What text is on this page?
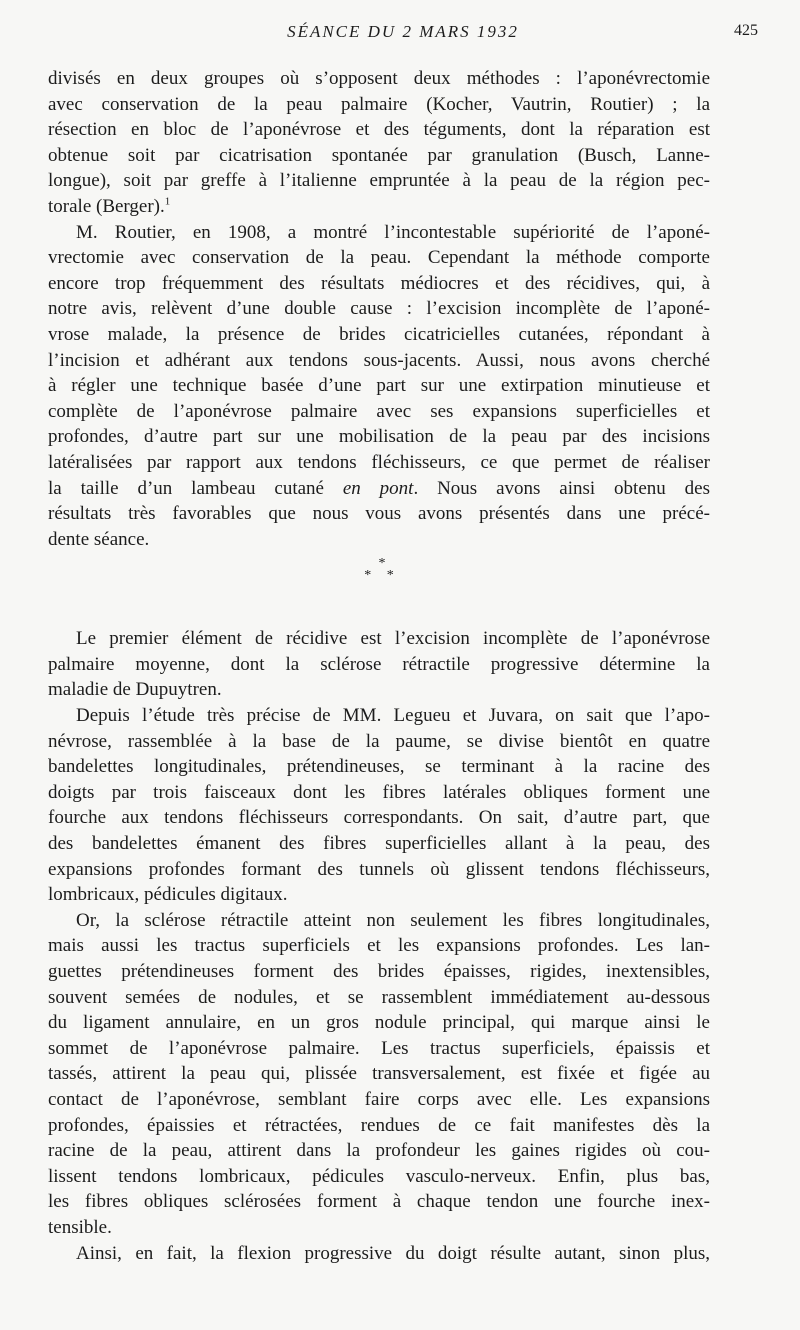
SÉANCE DU 2 MARS 1932	425
divisés en deux groupes où s’opposent deux méthodes : l’aponévrectomie
avec conservation de la peau palmaire (Kocher, Vautrin, Routier) ; la
résection en bloc de l’aponévrose et des téguments, dont la réparation est
obtenue soit par cicatrisation spontanée par granulation (Busch, Lanne-
longue), soit par greffe à l’italienne empruntée à la peau de la région pec-
torale (Berger).$^1$
M. Routier, en 1908, a montré l’incontestable supériorité de l’aponé-
vrectomie avec conservation de la peau. Cependant la méthode comporte
encore trop fréquemment des résultats médiocres et des récidives, qui, à
notre avis, relèvent d’une double cause : l’excision incomplète de l’aponé-
vrose malade, la présence de brides cicatricielles cutanées, répondant à
l’incision et adhérant aux tendons sous-jacents. Aussi, nous avons cherché
à régler une technique basée d’une part sur une extirpation minutieuse et
complète de l’aponévrose palmaire avec ses expansions superficielles et
profondes, d’autre part sur une mobilisation de la peau par des incisions
latéralisées par rapport aux tendons fléchisseurs, ce que permet de réaliser
la taille d’un lambeau cutané en pont. Nous avons ainsi obtenu des
résultats très favorables que nous vous avons présentés dans une précé-
dente séance.
*
* *
Le premier élément de récidive est l’excision incomplète de l’aponévrose
palmaire moyenne, dont la sclérose rétractile progressive détermine la
maladie de Dupuytren.
Depuis l’étude très précise de MM. Legueu et Juvara, on sait que l’apo-
névrose, rassemblée à la base de la paume, se divise bientôt en quatre
bandelettes longitudinales, prétendineuses, se terminant à la racine des
doigts par trois faisceaux dont les fibres latérales obliques forment une
fourche aux tendons fléchisseurs correspondants. On sait, d’autre part, que
des bandelettes émanent des fibres superficielles allant à la peau, des
expansions profondes formant des tunnels où glissent tendons fléchisseurs,
lombricaux, pédicules digitaux.
Or, la sclérose rétractile atteint non seulement les fibres longitudinales,
mais aussi les tractus superficiels et les expansions profondes. Les lan-
guettes prétendineuses forment des brides épaisses, rigides, inextensibles,
souvent semées de nodules, et se rassemblent immédiatement au-dessous
du ligament annulaire, en un gros nodule principal, qui marque ainsi le
sommet de l’aponévrose palmaire. Les tractus superficiels, épaissis et
tassés, attirent la peau qui, plissée transversalement, est fixée et figée au
contact de l’aponévrose, semblant faire corps avec elle. Les expansions
profondes, épaissies et rétractées, rendues de ce fait manifestes dès la
racine de la peau, attirent dans la profondeur les gaines rigides où cou-
lissent tendons lombricaux, pédicules vasculo-nerveux. Enfin, plus bas,
les fibres obliques sclérosées forment à chaque tendon une fourche inex-
tensible.
Ainsi, en fait, la flexion progressive du doigt résulte autant, sinon plus,
